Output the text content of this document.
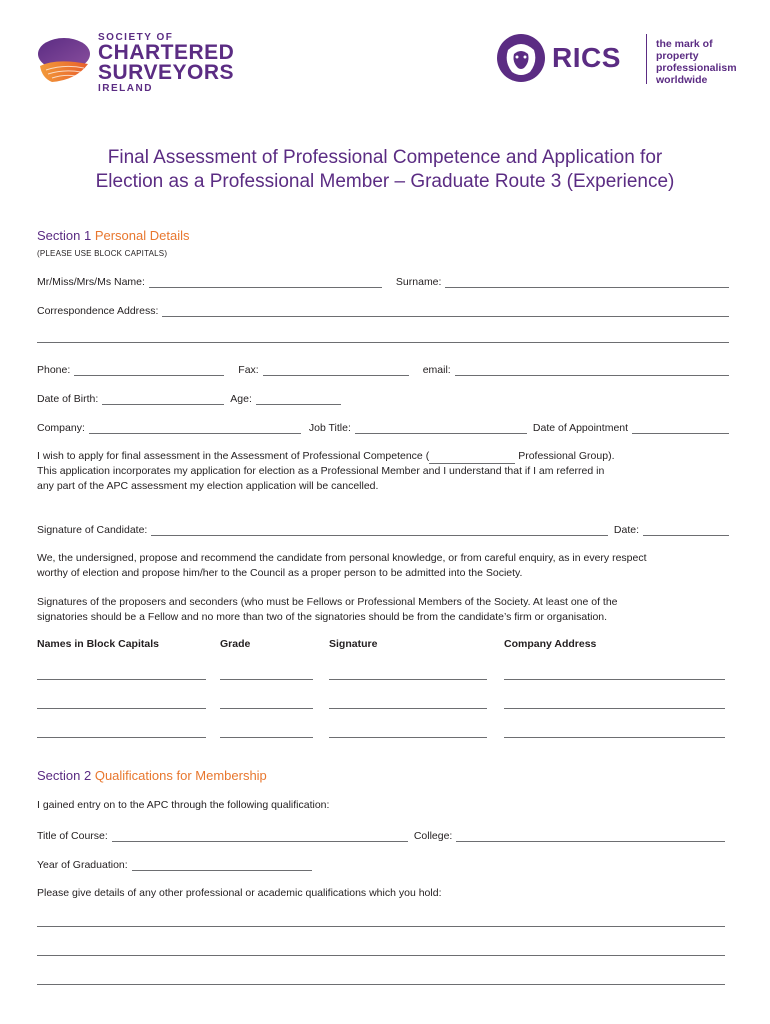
SOCIETY OF
CHARTERED
SURVEYORS
IRELAND
RICS	the mark of
property
professionalism
worldwide
Final Assessment of Professional Competence and Application for
Election as a Professional Member – Graduate Route 3 (Experience)
Section 1 Personal Details
(PLEASE USE BLOCK CAPITALS)
Mr/Miss/Mrs/Ms Name:	Surname:
Correspondence Address:
Phone:	Fax:	email:
Date of Birth:	Age:
Company:	Job Title:	Date of Appointment
I wish to apply for final assessment in the Assessment of Professional Competence (	Professional Group).
This application incorporates my application for election as a Professional Member and I understand that if I am referred in
any part of the APC assessment my election application will be cancelled.
Signature of Candidate:	Date:
We, the undersigned, propose and recommend the candidate from personal knowledge, or from careful enquiry, as in every respect
worthy of election and propose him/her to the Council as a proper person to be admitted into the Society.
Signatures of the proposers and seconders (who must be Fellows or Professional Members of the Society. At least one of the
signatories should be a Fellow and no more than two of the signatories should be from the candidate’s firm or organisation.
Names in Block Capitals	Grade	Signature	Company Address
Section 2 Qualifications for Membership
I gained entry on to the APC through the following qualification:
Title of Course:	College:
Year of Graduation:
Please give details of any other professional or academic qualifications which you hold:
